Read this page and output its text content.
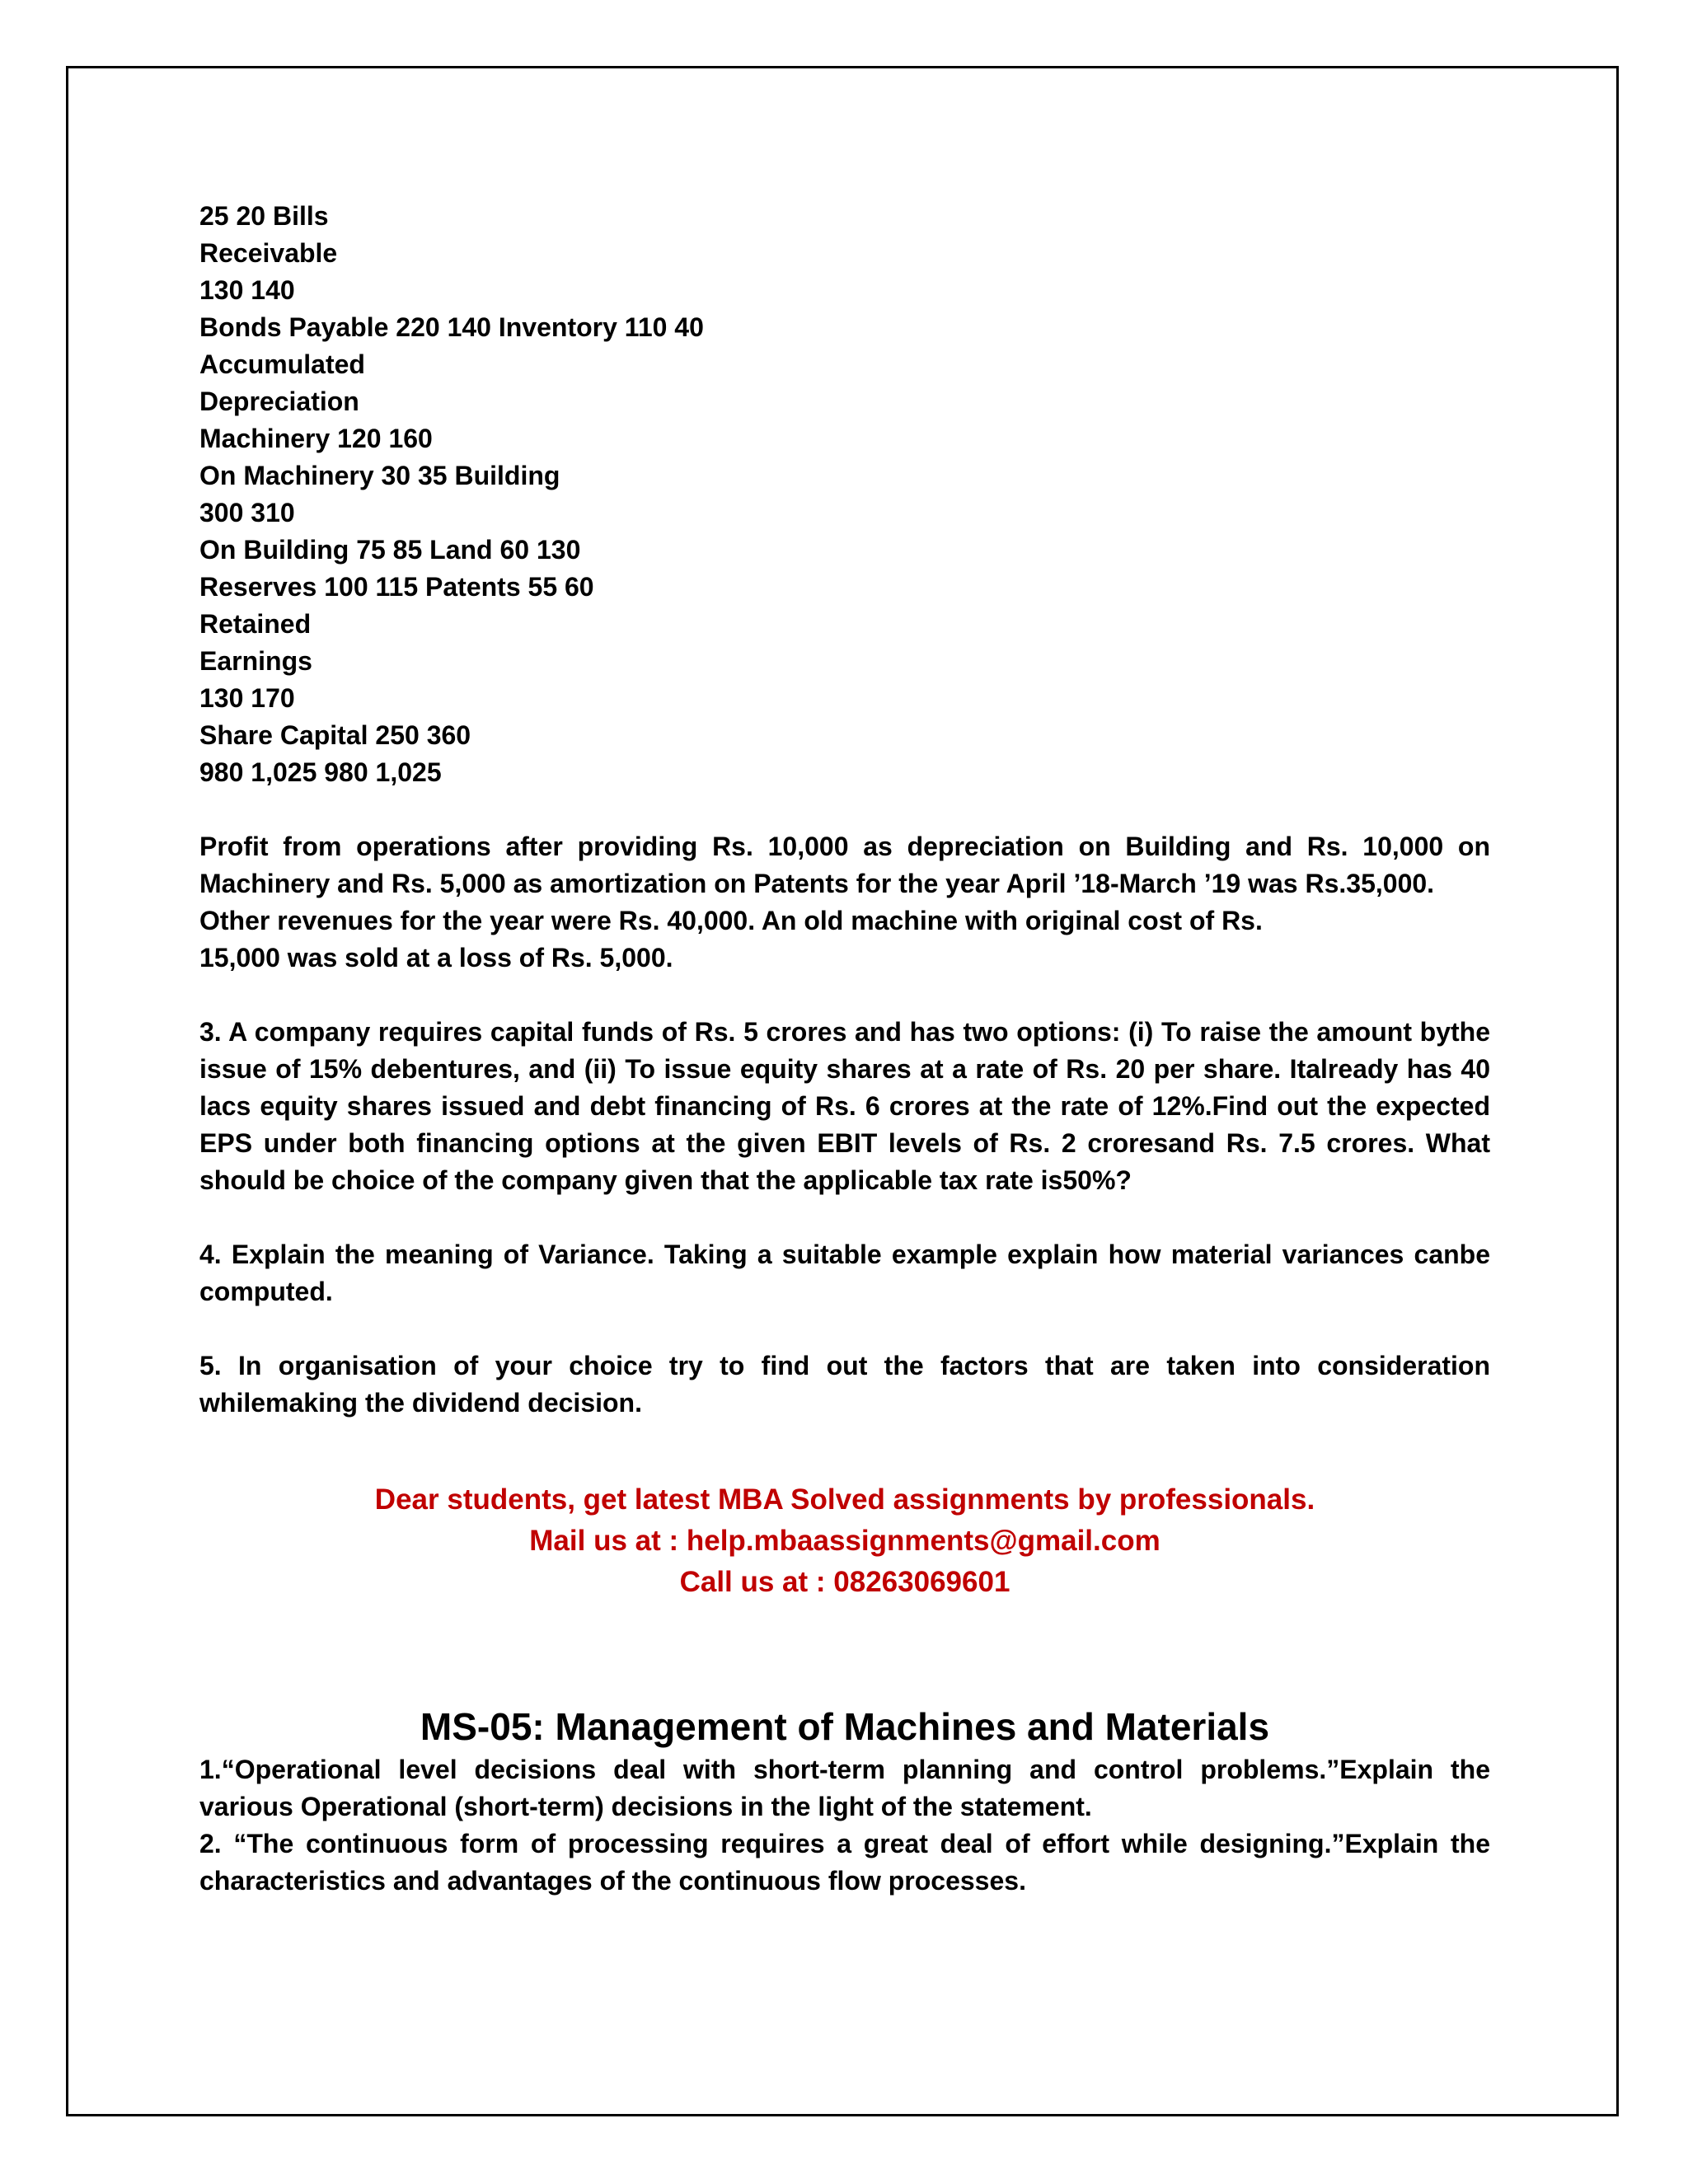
25 20 Bills

Receivable

130 140

Bonds Payable 220 140 Inventory 110 40

Accumulated

Depreciation

Machinery 120 160

On Machinery 30 35 Building

300 310

On Building 75 85 Land 60 130

Reserves 100 115 Patents 55 60

Retained

Earnings

130 170

Share Capital 250 360

980 1,025 980 1,025

Profit from operations after providing Rs. 10,000 as depreciation on Building and Rs. 10,000 on Machinery and Rs. 5,000 as amortization on Patents for the year April ’18-March ’19 was Rs.35,000.

Other revenues for the year were Rs. 40,000. An old machine with original cost of Rs.

15,000 was sold at a loss of Rs. 5,000.

3. A company requires capital funds of Rs. 5 crores and has two options: (i) To raise the amount bythe issue of 15% debentures, and (ii) To issue equity shares at a rate of Rs. 20 per share. Italready has 40 lacs equity shares issued and debt financing of Rs. 6 crores at the rate of 12%.Find out the expected EPS under both financing options at the given EBIT levels of Rs. 2 croresand Rs. 7.5 crores. What should be choice of the company given that the applicable tax rate is50%?

4. Explain the meaning of Variance. Taking a suitable example explain how material variances canbe computed.

5. In organisation of your choice try to find out the factors that are taken into consideration whilemaking the dividend decision.

Dear students, get latest MBA Solved assignments by professionals.

Mail us at : help.mbaassignments@gmail.com

Call us at : 08263069601

MS-05: Management of Machines and Materials

1.“Operational level decisions deal with short-term planning and control problems.”Explain the various Operational (short-term) decisions in the light of the statement.

2. “The continuous form of processing requires a great deal of effort while designing.”Explain the characteristics and advantages of the continuous flow processes.
